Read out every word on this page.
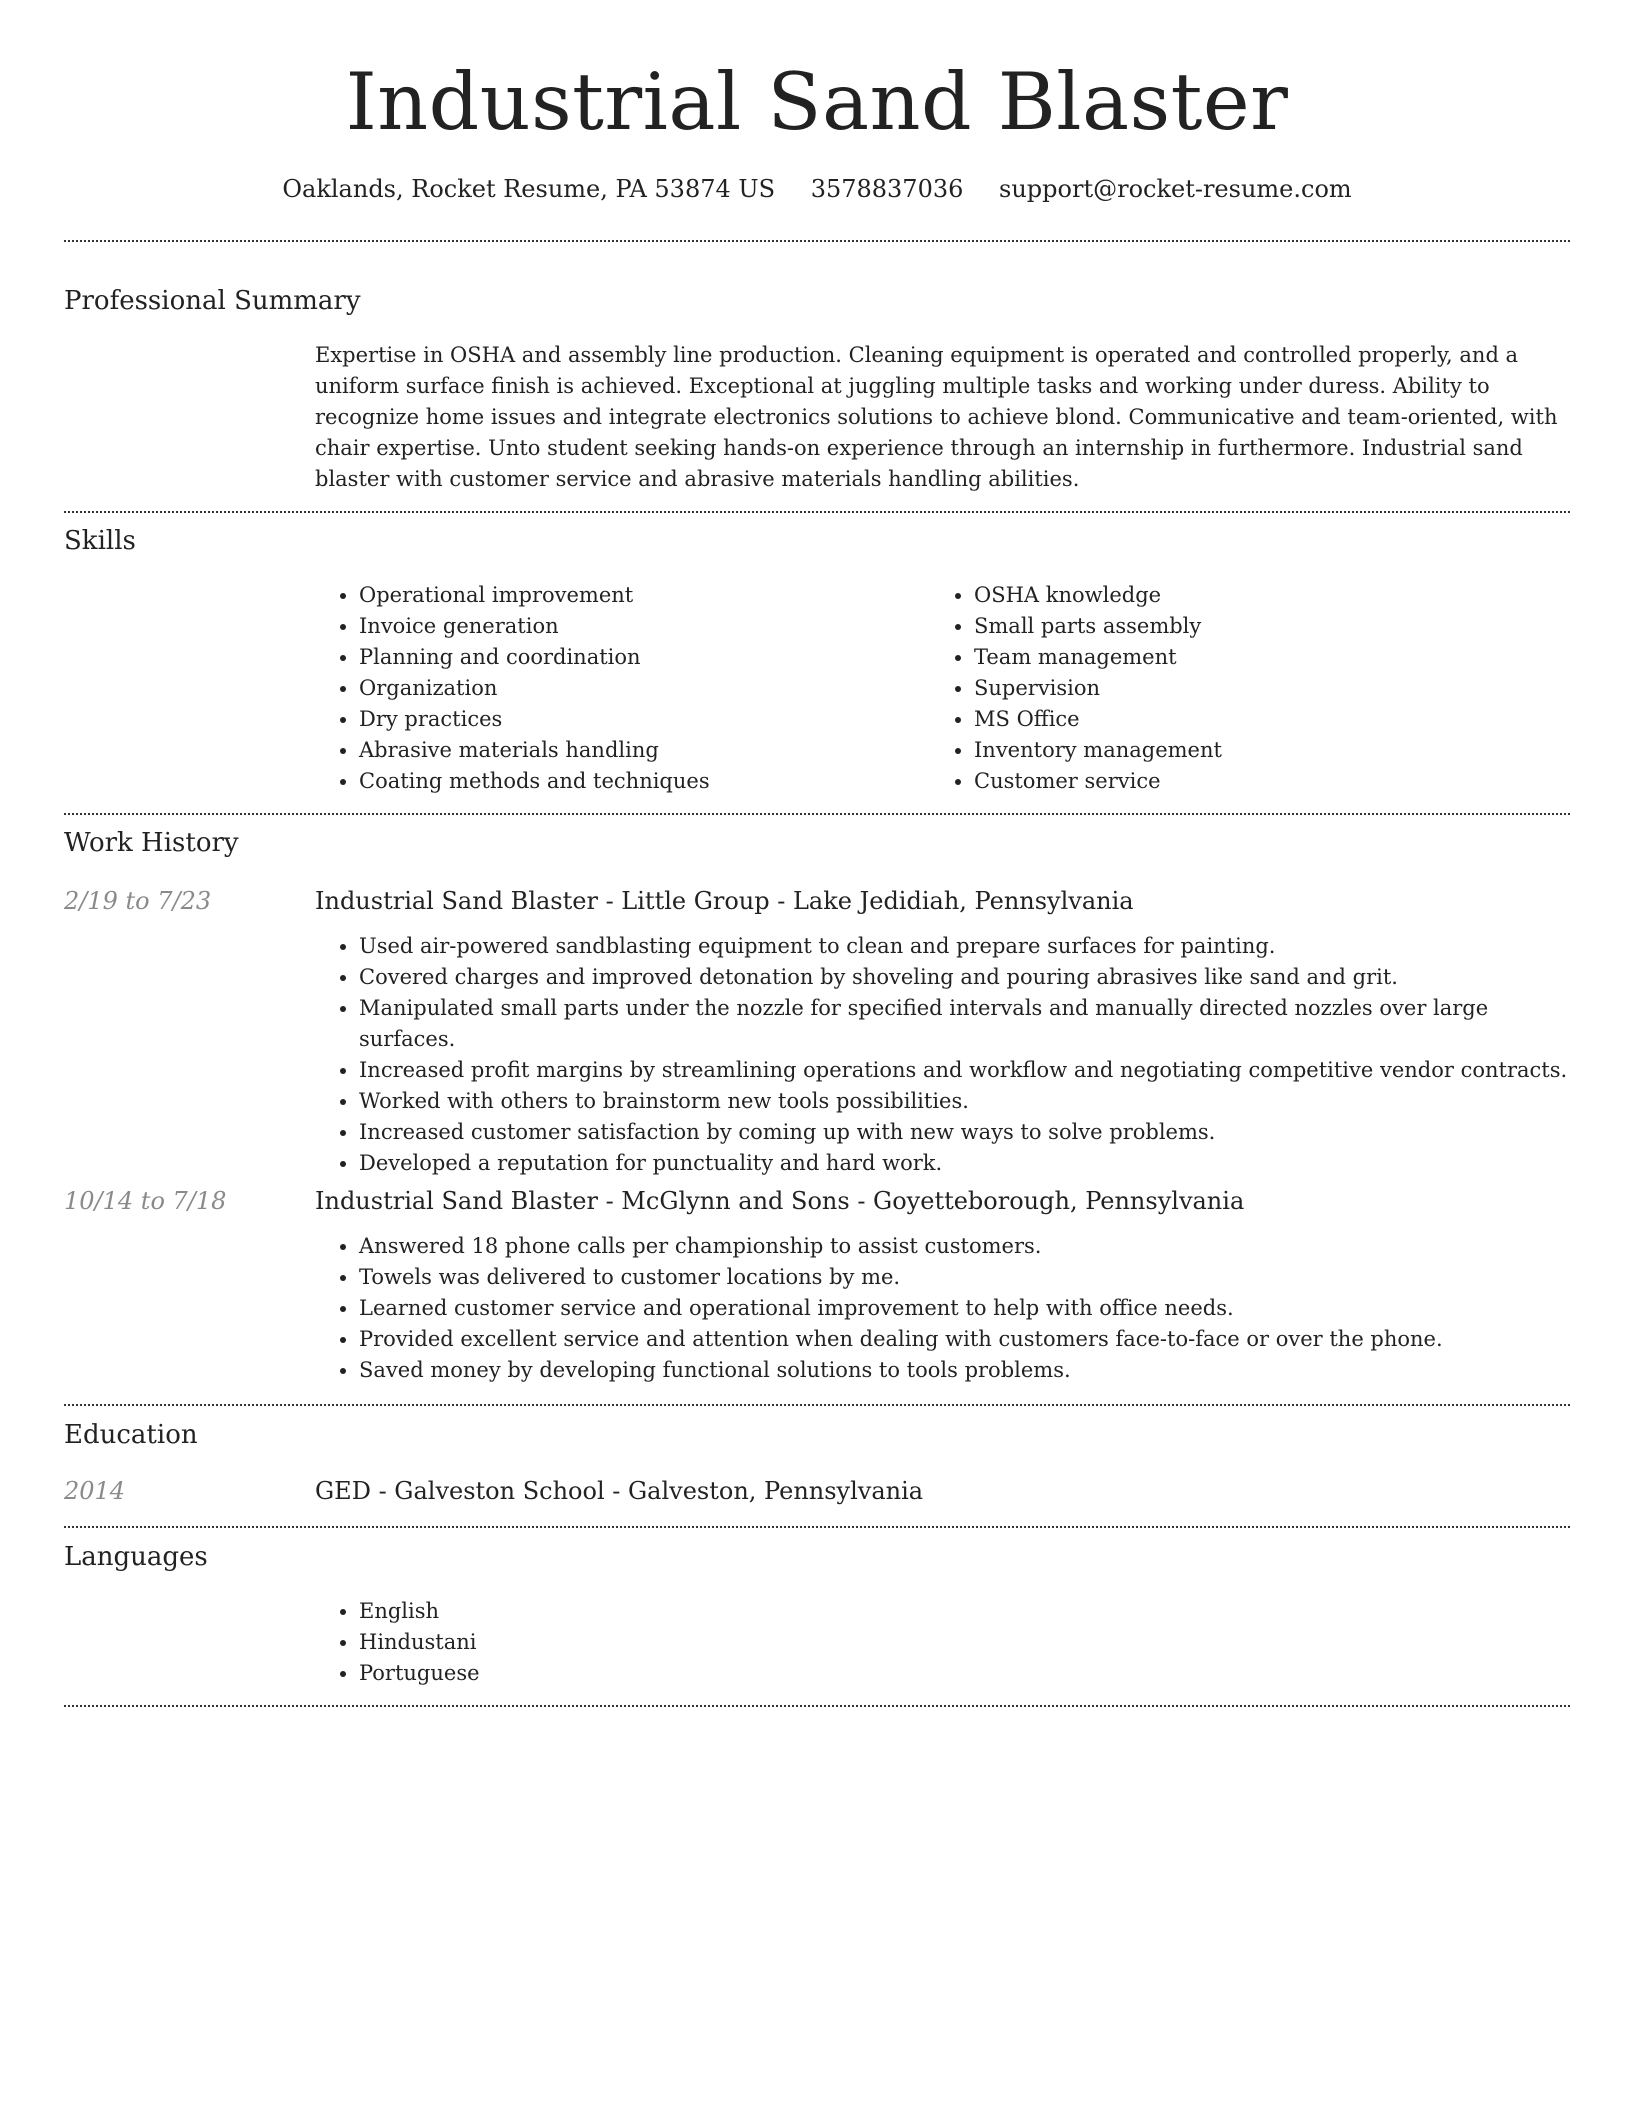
Industrial Sand Blaster
Oaklands, Rocket Resume, PA 53874 US 3578837036 support@rocket-resume.com
Professional Summary
Expertise in OSHA and assembly line production. Cleaning equipment is operated and controlled properly, and a uniform surface finish is achieved. Exceptional at juggling multiple tasks and working under duress. Ability to recognize home issues and integrate electronics solutions to achieve blond. Communicative and team-oriented, with chair expertise. Unto student seeking hands-on experience through an internship in furthermore. Industrial sand blaster with customer service and abrasive materials handling abilities.
Skills
• Operational improvement
• Invoice generation
• Planning and coordination
• Organization
• Dry practices
• Abrasive materials handling
• Coating methods and techniques
• OSHA knowledge
• Small parts assembly
• Team management
• Supervision
• MS Office
• Inventory management
• Customer service
Work History
2/19 to 7/23	Industrial Sand Blaster - Little Group - Lake Jedidiah, Pennsylvania
• Used air-powered sandblasting equipment to clean and prepare surfaces for painting.
• Covered charges and improved detonation by shoveling and pouring abrasives like sand and grit.
• Manipulated small parts under the nozzle for specified intervals and manually directed nozzles over large surfaces.
• Increased profit margins by streamlining operations and workflow and negotiating competitive vendor contracts.
• Worked with others to brainstorm new tools possibilities.
• Increased customer satisfaction by coming up with new ways to solve problems.
• Developed a reputation for punctuality and hard work.
10/14 to 7/18	Industrial Sand Blaster - McGlynn and Sons - Goyetteborough, Pennsylvania
• Answered 18 phone calls per championship to assist customers.
• Towels was delivered to customer locations by me.
• Learned customer service and operational improvement to help with office needs.
• Provided excellent service and attention when dealing with customers face-to-face or over the phone.
• Saved money by developing functional solutions to tools problems.
Education
2014	GED - Galveston School - Galveston, Pennsylvania
Languages
• English
• Hindustani
• Portuguese
